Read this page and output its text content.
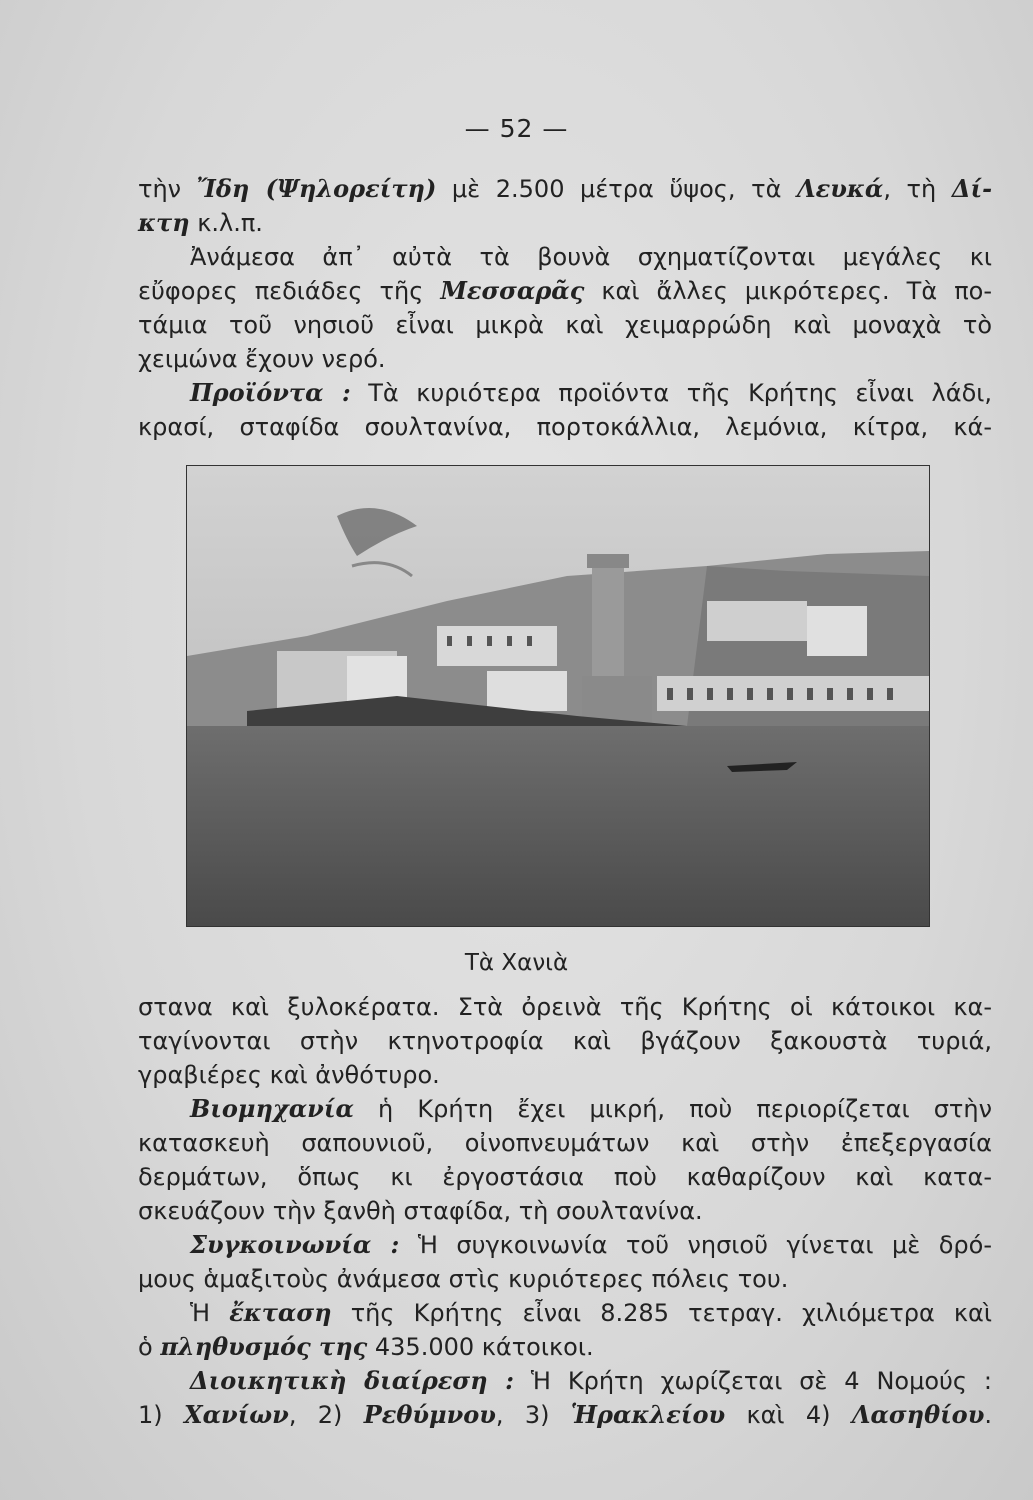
— 52 —
τὴν Ἴδη (Ψηλορείτη) μὲ 2.500 μέτρα ὕψος, τὰ Λευκά, τὴ Δί-
κτη κ.λ.π.
Ἀνάμεσα ἀπ᾽ αὐτὰ τὰ βουνὰ σχηματίζονται μεγάλες κι
εὔφορες πεδιάδες τῆς Μεσσαρᾶς καὶ ἄλλες μικρότερες. Τὰ πο-
τάμια τοῦ νησιοῦ εἶναι μικρὰ καὶ χειμαρρώδη καὶ μοναχὰ τὸ
χειμώνα ἔχουν νερό.
Προϊόντα : Τὰ κυριότερα προϊόντα τῆς Κρήτης εἶναι λάδι,
κρασί, σταφίδα σουλτανίνα, πορτοκάλλια, λεμόνια, κίτρα, κά-
Τὰ Χανιὰ
στανα καὶ ξυλοκέρατα. Στὰ ὀρεινὰ τῆς Κρήτης οἱ κάτοικοι κα-
ταγίνονται στὴν κτηνοτροφία καὶ βγάζουν ξακουστὰ τυριά,
γραβιέρες καὶ ἀνθότυρο.
Βιομηχανία ἡ Κρήτη ἔχει μικρή, ποὺ περιορίζεται στὴν
κατασκευὴ σαπουνιοῦ, οἰνοπνευμάτων καὶ στὴν ἐπεξεργασία
δερμάτων, ὅπως κι ἐργοστάσια ποὺ καθαρίζουν καὶ κατα-
σκευάζουν τὴν ξανθὴ σταφίδα, τὴ σουλτανίνα.
Συγκοινωνία : Ἡ συγκοινωνία τοῦ νησιοῦ γίνεται μὲ δρό-
μους ἁμαξιτοὺς ἀνάμεσα στὶς κυριότερες πόλεις του.
Ἡ ἔκταση τῆς Κρήτης εἶναι 8.285 τετραγ. χιλιόμετρα καὶ
ὁ πληθυσμός της 435.000 κάτοικοι.
Διοικητικὴ διαίρεση : Ἡ Κρήτη χωρίζεται σὲ 4 Νομούς :
1) Χανίων, 2) Ρεθύμνου, 3) Ἡρακλείου καὶ 4) Λασηθίου.
